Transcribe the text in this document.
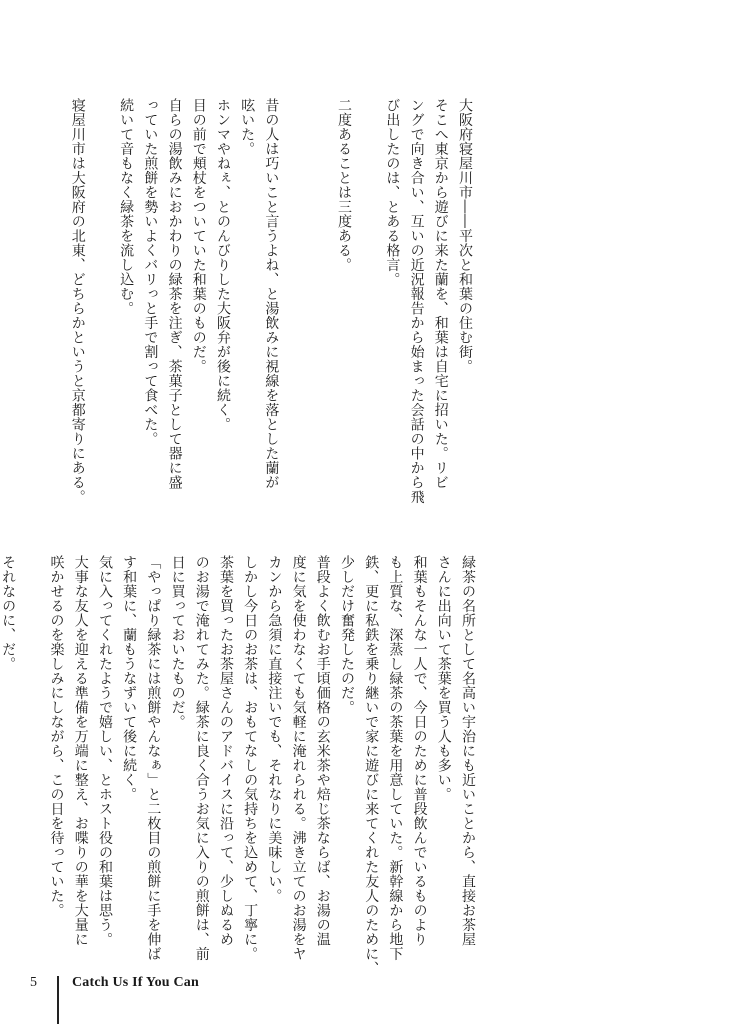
大阪府寝屋川市――平次と和葉の住む街。
そこへ東京から遊びに来た蘭を、和葉は自宅に招いた。リビ
ングで向き合い、互いの近況報告から始まった会話の中から飛
び出したのは、とある格言。

二度あることは三度ある。

昔の人は巧いこと言うよね、と湯飲みに視線を落とした蘭が
呟いた。
ホンマやねぇ、とのんびりした大阪弁が後に続く。
目の前で頬杖をついていた和葉のものだ。
自らの湯飲みにおかわりの緑茶を注ぎ、茶菓子として器に盛
っていた煎餅を勢いよくバリっと手で割って食べた。
続いて音もなく緑茶を流し込む。

寝屋川市は大阪府の北東、どちらかというと京都寄りにある。
緑茶の名所として名高い宇治にも近いことから、直接お茶屋
さんに出向いて茶葉を買う人も多い。
和葉もそんな一人で、今日のために普段飲んでいるものより
も上質な、深蒸し緑茶の茶葉を用意していた。新幹線から地下
鉄、更に私鉄を乗り継いで家に遊びに来てくれた友人のために、
少しだけ奮発したのだ。
普段よく飲むお手頃価格の玄米茶や焙じ茶ならば、お湯の温
度に気を使わなくても気軽に淹れられる。沸き立てのお湯をヤ
カンから急須に直接注いでも、それなりに美味しい。
しかし今日のお茶は、おもてなしの気持ちを込めて、丁寧に。
茶葉を買ったお茶屋さんのアドバイスに沿って、少しぬるめ
のお湯で淹れてみた。緑茶に良く合うお気に入りの煎餅は、前
日に買っておいたものだ。
「やっぱり緑茶には煎餅やんなぁ」と二枚目の煎餅に手を伸ば
す和葉に、蘭もうなずいて後に続く。
気に入ってくれたようで嬉しい、とホスト役の和葉は思う。
大事な友人を迎える準備を万端に整え、お喋りの華を大量に
咲かせるのを楽しみにしながら、この日を待っていた。

それなのに、だ。
5	Catch Us If You Can
